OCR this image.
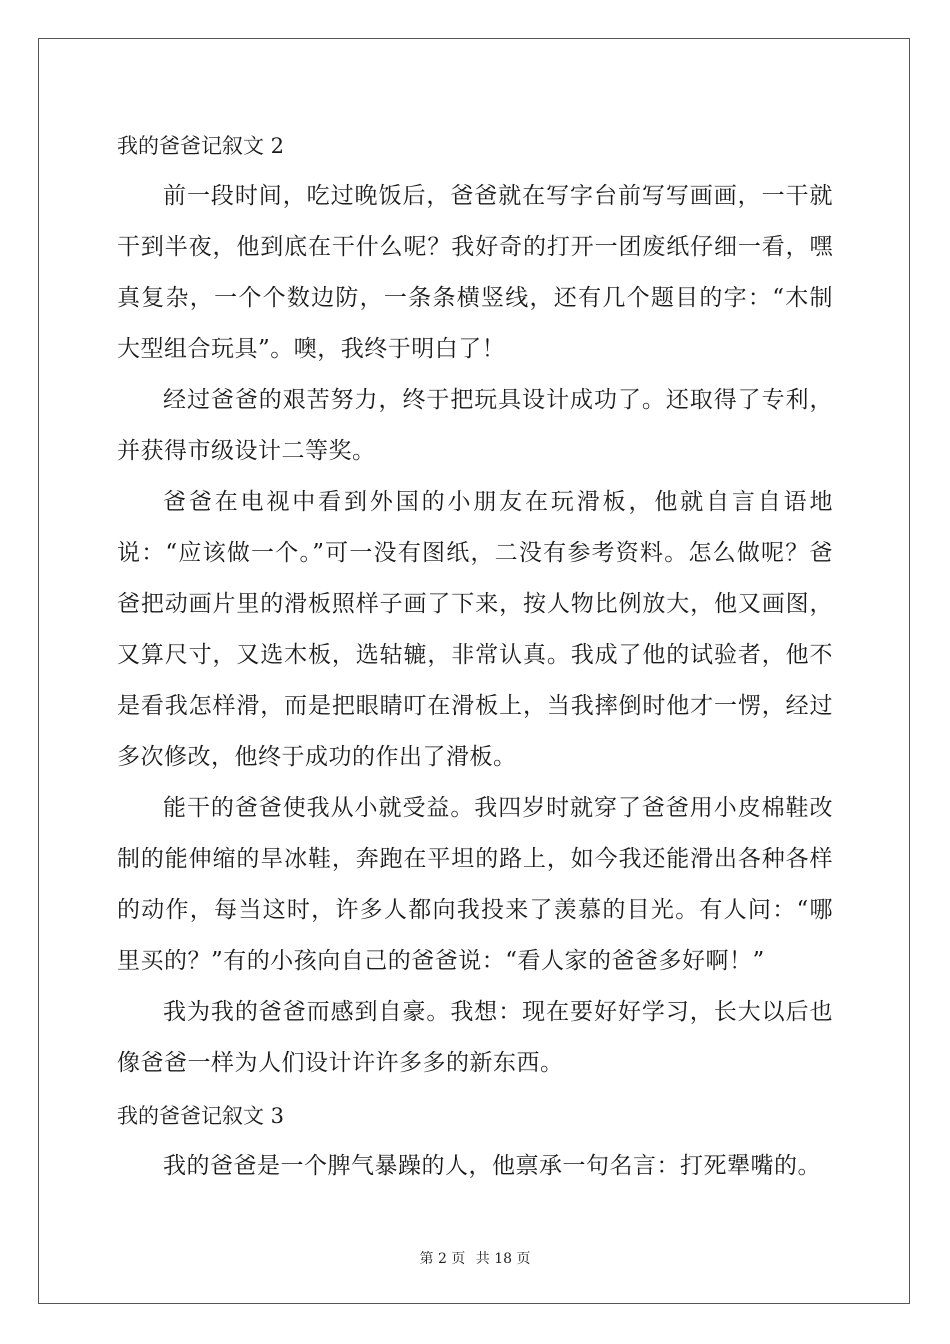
我的爸爸记叙文 2

前一段时间，吃过晚饭后，爸爸就在写字台前写写画画，一干就干到半夜，他到底在干什么呢？我好奇的打开一团废纸仔细一看，嘿真复杂，一个个数边防，一条条横竖线，还有几个题目的字：“木制大型组合玩具”。噢，我终于明白了！

经过爸爸的艰苦努力，终于把玩具设计成功了。还取得了专利，并获得市级设计二等奖。

爸爸在电视中看到外国的小朋友在玩滑板，他就自言自语地说：“应该做一个。”可一没有图纸，二没有参考资料。怎么做呢？爸爸把动画片里的滑板照样子画了下来，按人物比例放大，他又画图，又算尺寸，又选木板，选轱辘，非常认真。我成了他的试验者，他不是看我怎样滑，而是把眼睛叮在滑板上，当我摔倒时他才一愣，经过多次修改，他终于成功的作出了滑板。

能干的爸爸使我从小就受益。我四岁时就穿了爸爸用小皮棉鞋改制的能伸缩的旱冰鞋，奔跑在平坦的路上，如今我还能滑出各种各样的动作，每当这时，许多人都向我投来了羡慕的目光。有人问：“哪里买的？”有的小孩向自己的爸爸说：“看人家的爸爸多好啊！”

我为我的爸爸而感到自豪。我想：现在要好好学习，长大以后也像爸爸一样为人们设计许许多多的新东西。

我的爸爸记叙文 3

我的爸爸是一个脾气暴躁的人，他禀承一句名言：打死犟嘴的。

第 2 页 共 18 页
